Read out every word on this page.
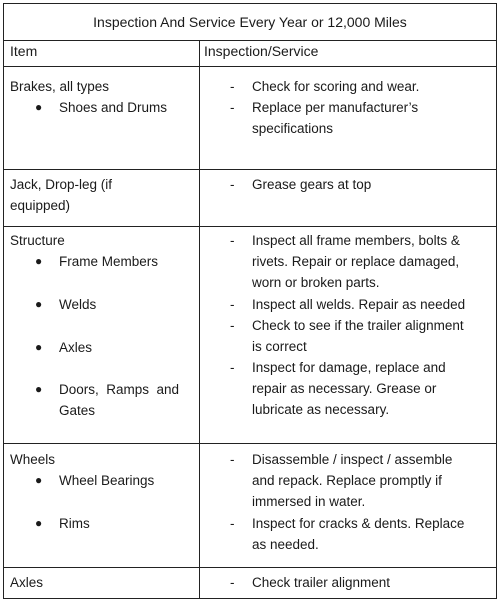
Inspection And Service Every Year or 12,000 Miles
Item	Inspection/Service
Brakes, all types
● Shoes and Drums
- Check for scoring and wear.
- Replace per manufacturer’s
specifications
Jack, Drop-leg (if
equipped)
- Grease gears at top
Structure
● Frame Members
● Welds
● Axles
● Doors,  Ramps  and
Gates
- Inspect all frame members, bolts &
rivets. Repair or replace damaged,
worn or broken parts.
- Inspect all welds. Repair as needed
- Check to see if the trailer alignment
is correct
- Inspect for damage, replace and
repair as necessary. Grease or
lubricate as necessary.
Wheels
● Wheel Bearings
● Rims
- Disassemble / inspect / assemble
and repack. Replace promptly if
immersed in water.
- Inspect for cracks & dents. Replace
as needed.
Axles	- Check trailer alignment
